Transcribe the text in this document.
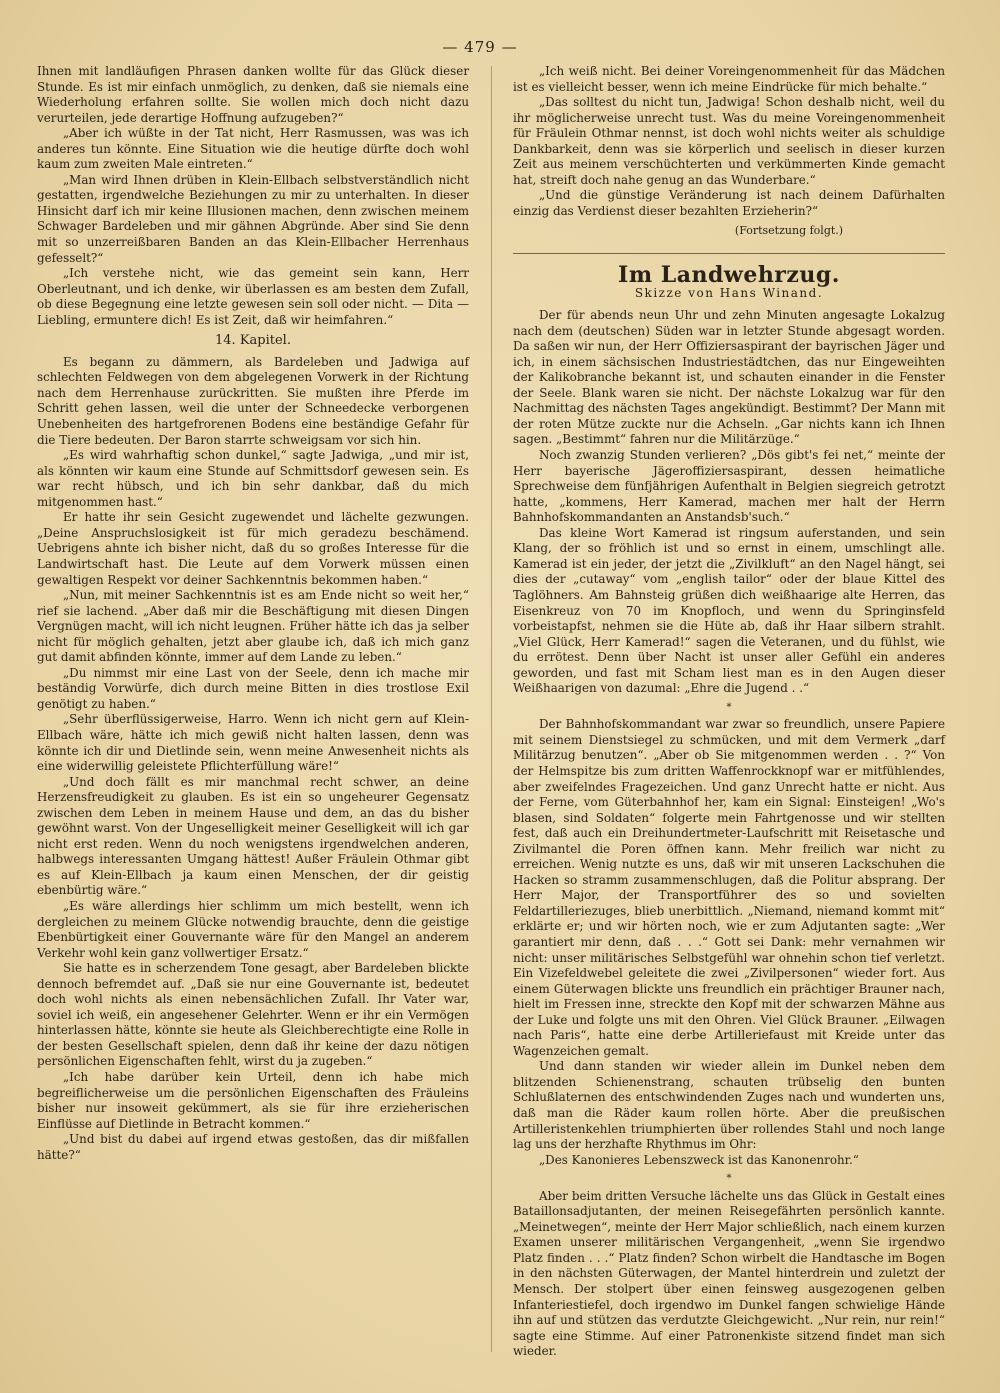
— 479 —

Ihnen mit landläufigen Phrasen danken wollte für das Glück dieser Stunde. Es ist mir einfach unmöglich, zu denken, daß sie niemals eine Wiederholung erfahren sollte. Sie wollen mich doch nicht dazu verurteilen, jede derartige Hoffnung aufzugeben?“

„Aber ich wüßte in der Tat nicht, Herr Rasmussen, was was ich anderes tun könnte. Eine Situation wie die heutige dürfte doch wohl kaum zum zweiten Male eintreten.“

„Man wird Ihnen drüben in Klein-Ellbach selbstverständlich nicht gestatten, irgendwelche Beziehungen zu mir zu unterhalten. In dieser Hinsicht darf ich mir keine Illusionen machen, denn zwischen meinem Schwager Bardeleben und mir gähnen Abgründe. Aber sind Sie denn mit so unzerreißbaren Banden an das Klein-Ellbacher Herrenhaus gefesselt?“

„Ich verstehe nicht, wie das gemeint sein kann, Herr Oberleutnant, und ich denke, wir überlassen es am besten dem Zufall, ob diese Begegnung eine letzte gewesen sein soll oder nicht. — Dita — Liebling, ermuntere dich! Es ist Zeit, daß wir heimfahren.“

14. Kapitel.

Es begann zu dämmern, als Bardeleben und Jadwiga auf schlechten Feldwegen von dem abgelegenen Vorwerk in der Richtung nach dem Herrenhause zurückritten. Sie mußten ihre Pferde im Schritt gehen lassen, weil die unter der Schneedecke verborgenen Unebenheiten des hartgefrorenen Bodens eine beständige Gefahr für die Tiere bedeuten. Der Baron starrte schweigsam vor sich hin.

„Es wird wahrhaftig schon dunkel,“ sagte Jadwiga, „und mir ist, als könnten wir kaum eine Stunde auf Schmittsdorf gewesen sein. Es war recht hübsch, und ich bin sehr dankbar, daß du mich mitgenommen hast.“

Er hatte ihr sein Gesicht zugewendet und lächelte gezwungen. „Deine Anspruchslosigkeit ist für mich geradezu beschämend. Uebrigens ahnte ich bisher nicht, daß du so großes Interesse für die Landwirtschaft hast. Die Leute auf dem Vorwerk müssen einen gewaltigen Respekt vor deiner Sachkenntnis bekommen haben.“

„Nun, mit meiner Sachkenntnis ist es am Ende nicht so weit her,“ rief sie lachend. „Aber daß mir die Beschäftigung mit diesen Dingen Vergnügen macht, will ich nicht leugnen. Früher hätte ich das ja selber nicht für möglich gehalten, jetzt aber glaube ich, daß ich mich ganz gut damit abfinden könnte, immer auf dem Lande zu leben.“

„Du nimmst mir eine Last von der Seele, denn ich mache mir beständig Vorwürfe, dich durch meine Bitten in dies trostlose Exil genötigt zu haben.“

„Sehr überflüssigerweise, Harro. Wenn ich nicht gern auf Klein-Ellbach wäre, hätte ich mich gewiß nicht halten lassen, denn was könnte ich dir und Dietlinde sein, wenn meine Anwesenheit nichts als eine widerwillig geleistete Pflichterfüllung wäre!“

„Und doch fällt es mir manchmal recht schwer, an deine Herzensfreudigkeit zu glauben. Es ist ein so ungeheurer Gegensatz zwischen dem Leben in meinem Hause und dem, an das du bisher gewöhnt warst. Von der Ungeselligkeit meiner Geselligkeit will ich gar nicht erst reden. Wenn du noch wenigstens irgendwelchen anderen, halbwegs interessanten Umgang hättest! Außer Fräulein Othmar gibt es auf Klein-Ellbach ja kaum einen Menschen, der dir geistig ebenbürtig wäre.“

„Es wäre allerdings hier schlimm um mich bestellt, wenn ich dergleichen zu meinem Glücke notwendig brauchte, denn die geistige Ebenbürtigkeit einer Gouvernante wäre für den Mangel an anderem Verkehr wohl kein ganz vollwertiger Ersatz.“

Sie hatte es in scherzendem Tone gesagt, aber Bardeleben blickte dennoch befremdet auf. „Daß sie nur eine Gouvernante ist, bedeutet doch wohl nichts als einen nebensächlichen Zufall. Ihr Vater war, soviel ich weiß, ein angesehener Gelehrter. Wenn er ihr ein Vermögen hinterlassen hätte, könnte sie heute als Gleichberechtigte eine Rolle in der besten Gesellschaft spielen, denn daß ihr keine der dazu nötigen persönlichen Eigenschaften fehlt, wirst du ja zugeben.“

„Ich habe darüber kein Urteil, denn ich habe mich begreiflicherweise um die persönlichen Eigenschaften des Fräuleins bisher nur insoweit gekümmert, als sie für ihre erzieherischen Einflüsse auf Dietlinde in Betracht kommen.“

„Und bist du dabei auf irgend etwas gestoßen, das dir mißfallen hätte?“

„Ich weiß nicht. Bei deiner Voreingenommenheit für das Mädchen ist es vielleicht besser, wenn ich meine Eindrücke für mich behalte.“

„Das solltest du nicht tun, Jadwiga! Schon deshalb nicht, weil du ihr möglicherweise unrecht tust. Was du meine Voreingenommenheit für Fräulein Othmar nennst, ist doch wohl nichts weiter als schuldige Dankbarkeit, denn was sie körperlich und seelisch in dieser kurzen Zeit aus meinem verschüchterten und verkümmerten Kinde gemacht hat, streift doch nahe genug an das Wunderbare.“

„Und die günstige Veränderung ist nach deinem Dafürhalten einzig das Verdienst dieser bezahlten Erzieherin?“

(Fortsetzung folgt.)
Im Landwehrzug.
Skizze von Hans Winand.

Der für abends neun Uhr und zehn Minuten angesagte Lokalzug nach dem (deutschen) Süden war in letzter Stunde abgesagt worden. Da saßen wir nun, der Herr Offiziersaspirant der bayrischen Jäger und ich, in einem sächsischen Industriestädtchen, das nur Eingeweihten der Kalikobranche bekannt ist, und schauten einander in die Fenster der Seele. Blank waren sie nicht. Der nächste Lokalzug war für den Nachmittag des nächsten Tages angekündigt. Bestimmt? Der Mann mit der roten Mütze zuckte nur die Achseln. „Gar nichts kann ich Ihnen sagen. „Bestimmt“ fahren nur die Militärzüge.“

Noch zwanzig Stunden verlieren? „Dös gibt's fei net,“ meinte der Herr bayerische Jägeroffiziersaspirant, dessen heimatliche Sprechweise dem fünfjährigen Aufenthalt in Belgien siegreich getrotzt hatte, „kommens, Herr Kamerad, machen mer halt der Herrn Bahnhofskommandanten an Anstandsb'such.“

Das kleine Wort Kamerad ist ringsum auferstanden, und sein Klang, der so fröhlich ist und so ernst in einem, umschlingt alle. Kamerad ist ein jeder, der jetzt die „Zivilkluft“ an den Nagel hängt, sei dies der „cutaway“ vom „english tailor“ oder der blaue Kittel des Taglöhners. Am Bahnsteig grüßen dich weißhaarige alte Herren, das Eisenkreuz von 70 im Knopfloch, und wenn du Springinsfeld vorbeistapfst, nehmen sie die Hüte ab, daß ihr Haar silbern strahlt. „Viel Glück, Herr Kamerad!“ sagen die Veteranen, und du fühlst, wie du errötest. Denn über Nacht ist unser aller Gefühl ein anderes geworden, und fast mit Scham liest man es in den Augen dieser Weißhaarigen von dazumal: „Ehre die Jugend . .“

*

Der Bahnhofskommandant war zwar so freundlich, unsere Papiere mit seinem Dienstsiegel zu schmücken, und mit dem Vermerk „darf Militärzug benutzen“. „Aber ob Sie mitgenommen werden . . ?“ Von der Helmspitze bis zum dritten Waffenrockknopf war er mitfühlendes, aber zweifelndes Fragezeichen. Und ganz Unrecht hatte er nicht. Aus der Ferne, vom Güterbahnhof her, kam ein Signal: Einsteigen! „Wo's blasen, sind Soldaten“ folgerte mein Fahrtgenosse und wir stellten fest, daß auch ein Dreihundertmeter-Laufschritt mit Reisetasche und Zivilmantel die Poren öffnen kann. Mehr freilich war nicht zu erreichen. Wenig nutzte es uns, daß wir mit unseren Lackschuhen die Hacken so stramm zusammenschlugen, daß die Politur absprang. Der Herr Major, der Transportführer des so und sovielten Feldartilleriezuges, blieb unerbittlich. „Niemand, niemand kommt mit“ erklärte er; und wir hörten noch, wie er zum Adjutanten sagte: „Wer garantiert mir denn, daß . . .“ Gott sei Dank: mehr vernahmen wir nicht: unser militärisches Selbstgefühl war ohnehin schon tief verletzt. Ein Vizefeldwebel geleitete die zwei „Zivilpersonen“ wieder fort. Aus einem Güterwagen blickte uns freundlich ein prächtiger Brauner nach, hielt im Fressen inne, streckte den Kopf mit der schwarzen Mähne aus der Luke und folgte uns mit den Ohren. Viel Glück Brauner. „Eilwagen nach Paris“, hatte eine derbe Artilleriefaust mit Kreide unter das Wagenzeichen gemalt.

Und dann standen wir wieder allein im Dunkel neben dem blitzenden Schienenstrang, schauten trübselig den bunten Schlußlaternen des entschwindenden Zuges nach und wunderten uns, daß man die Räder kaum rollen hörte. Aber die preußischen Artilleristenkehlen triumphierten über rollendes Stahl und noch lange lag uns der herzhafte Rhythmus im Ohr:

„Des Kanonieres Lebenszweck ist das Kanonenrohr.“

*

Aber beim dritten Versuche lächelte uns das Glück in Gestalt eines Bataillonsadjutanten, der meinen Reisegefährten persönlich kannte. „Meinetwegen“, meinte der Herr Major schließlich, nach einem kurzen Examen unserer militärischen Vergangenheit, „wenn Sie irgendwo Platz finden . . .“ Platz finden? Schon wirbelt die Handtasche im Bogen in den nächsten Güterwagen, der Mantel hinterdrein und zuletzt der Mensch. Der stolpert über einen feinsweg ausgezogenen gelben Infanteriestiefel, doch irgendwo im Dunkel fangen schwielige Hände ihn auf und stützen das verdutzte Gleichgewicht. „Nur rein, nur rein!“ sagte eine Stimme. Auf einer Patronenkiste sitzend findet man sich wieder.
